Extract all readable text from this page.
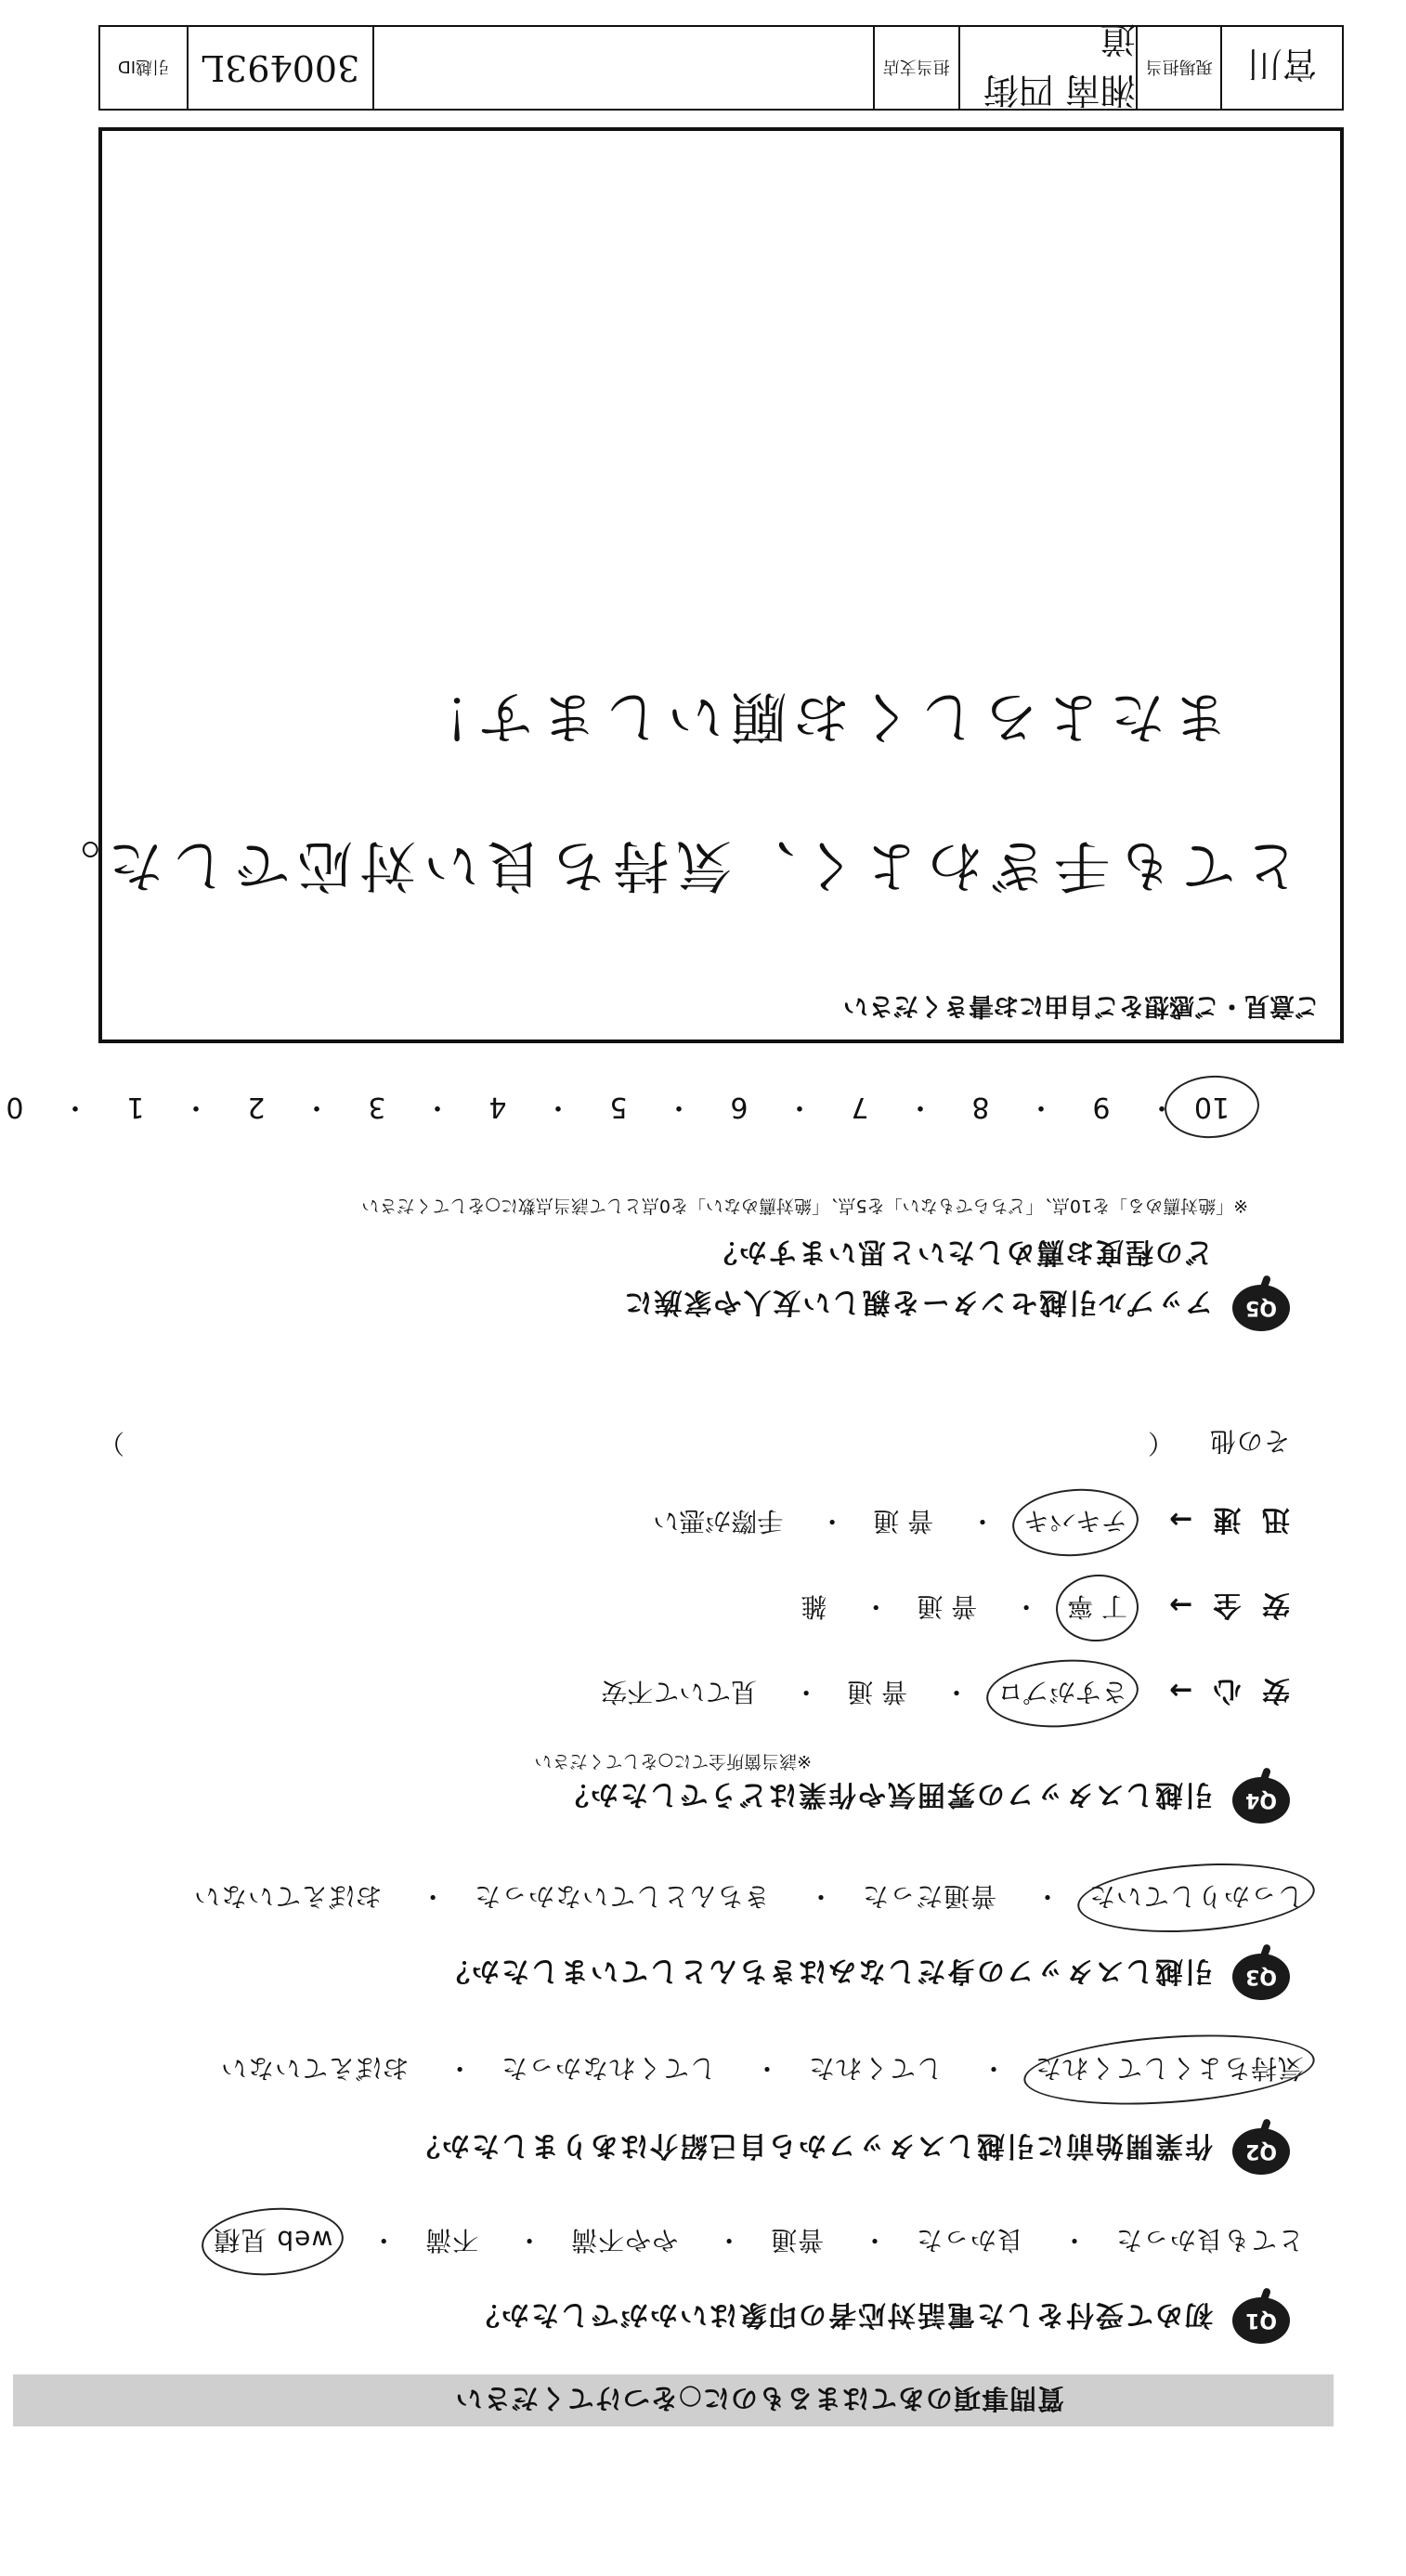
質問事項のあてはまるものに○をつけてください
Q1
初めて受付をした電話対応者の印象はいかがでしたか？
とても良かった・ 良かった・ 普通・ やや不満・ 不満・ web 見積
Q2
作業開始前に引越しスタッフから自己紹介はありましたか？
気持ちよくしてくれた・ してくれた・ してくれなかった・ おぼえていない
Q3
引越しスタッフの身だしなみはきちんとしていましたか？
しっかりしていた・ 普通だった・ きちんとしていなかった・ おぼえていない
Q4
引越しスタッフの雰囲気や作業はどうでしたか？
※該当箇所全てに○をしてください
安 心 →
さすがプロ・ 普 通・ 見ていて不安
安 全 →
丁 寧・ 普 通・ 雑
迅 速 →
テキパキ・ 普 通・ 手際が悪い
その他
（
）
Q5
アップル引越センターを親しい友人や家族に
どの程度お薦めしたいと思いますか？
※「絶対薦める」を10点、「どちらでもない」を5点、「絶対薦めない」を0点として該当点数に○をしてください
10・9・8・7・6・5・4・3・2・1・0
ご意見・ご感想をご自由にお書きください
とても手ぎわよく、気持ち良い対応でした。
またよろしくお願いします！
宮川
現場担当
湘南 四街道
担当支店
300493L
引越ID
